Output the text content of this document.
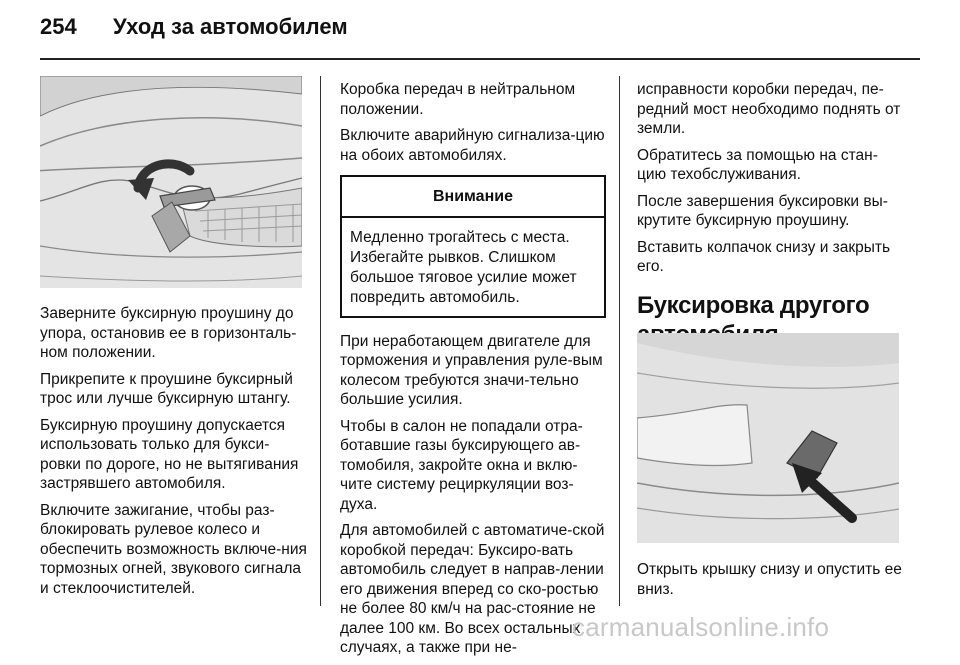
254 Уход за автомобилем

Заверните буксирную проушину до упора, остановив ее в горизонталь-ном положении.

Прикрепите к проушине буксирный трос или лучше буксирную штангу.

Буксирную проушину допускается использовать только для букси-ровки по дороге, но не вытягивания застрявшего автомобиля.

Включите зажигание, чтобы раз-блокировать рулевое колесо и обеспечить возможность включе-ния тормозных огней, звукового сигнала и стеклоочистителей.

Коробка передач в нейтральном положении.

Включите аварийную сигнализа-цию на обоих автомобилях.

Внимание
Медленно трогайтесь с места. Избегайте рывков. Слишком большое тяговое усилие может повредить автомобиль.

При неработающем двигателе для торможения и управления руле-вым колесом требуются значи-тельно большие усилия.

Чтобы в салон не попадали отра-ботавшие газы буксирующего ав-томобиля, закройте окна и вклю-чите систему рециркуляции воз-духа.

Для автомобилей с автоматиче-ской коробкой передач: Буксиро-вать автомобиль следует в направ-лении его движения вперед со ско-ростью не более 80 км/ч на рас-стояние не далее 100 км. Во всех остальных случаях, а также при не-

исправности коробки передач, пе-редний мост необходимо поднять от земли.

Обратитесь за помощью на стан-цию техобслуживания.

После завершения буксировки вы-крутите буксирную проушину.

Вставить колпачок снизу и закрыть его.

Буксировка другого
Открыть крышку снизу и опустить ее вниз.
carmanualsonline.info
